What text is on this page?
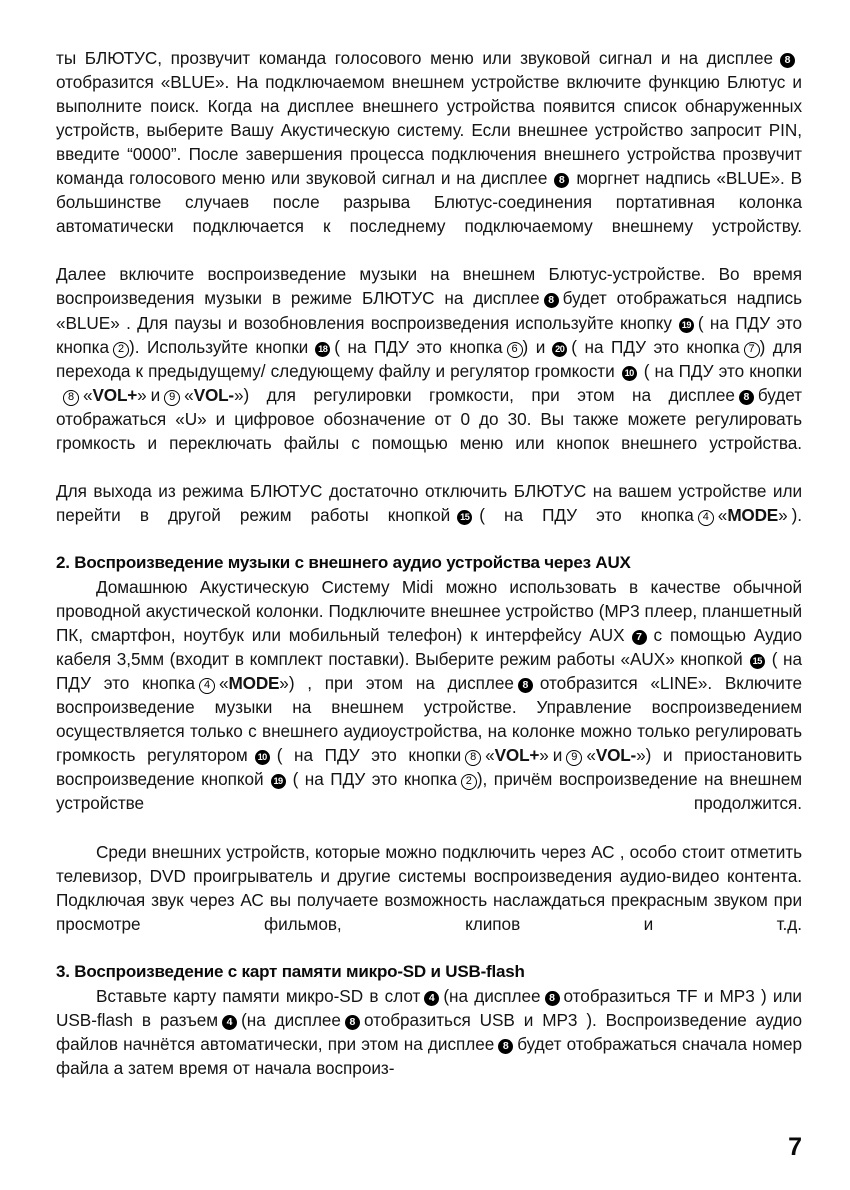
ты БЛЮТУС, прозвучит команда голосового меню или звуковой сигнал и на дисплее 8отобразится «BLUE». На подключаемом внешнем устройстве включите функцию Блютус и выполните поиск. Когда на дисплее внешнего устройства появится список обнаруженных устройств, выберите Вашу Акустическую систему. Если внешнее устройство запросит PIN, введите “0000”. После завершения процесса подключения внешнего устройства прозвучит команда голосового меню или звуковой сигнал и на дисплее 8 моргнет надпись «BLUE». В большинстве случаев после разрыва Блютус-соединения портативная колонка автоматически подключается к последнему подключаемому внешнему устройству.

Далее включите воспроизведение музыки на внешнем Блютус-устройстве. Во время воспроизведения музыки в режиме БЛЮТУС на дисплее 8 будет отображаться надпись «BLUE» . Для паузы и возобновления воспроизведения используйте кнопку 19 ( на ПДУ это кнопка 2 ). Используйте кнопки 18 ( на ПДУ это кнопка 6 ) и 20 ( на ПДУ это кнопка 7 ) для перехода к предыдущему/ следующему файлу и регулятор громкости 10 ( на ПДУ это кнопки8 «VOL+» и 9 «VOL-») для регулировки громкости, при этом на дисплее 8 будет отображаться «U» и цифровое обозначение от 0 до 30. Вы также можете регулировать громкость и переключать файлы с помощью меню или кнопок внешнего устройства.

Для выхода из режима БЛЮТУС достаточно отключить БЛЮТУС на вашем устройстве или перейти в другой режим работы кнопкой 15 ( на ПДУ это кнопка 4 «MODE» ).

2. Воспроизведение музыки с внешнего аудио устройства через AUX

Домашнюю Акустическую Систему Midi можно использовать в качестве обычной проводной акустической колонки. Подключите внешнее устройство (MP3 плеер, планшетный ПК, смартфон, ноутбук или мобильный телефон) к интерфейсу AUX 7 с помощью Аудио кабеля 3,5мм (входит в комплект поставки). Выберите режим работы «AUX» кнопкой 15 ( на ПДУ это кнопка 4 «MODE») , при этом на дисплее 8 отобразится «LINE». Включите воспроизведение музыки на внешнем устройстве. Управление воспроизведением осуществляется только с внешнего аудиоустройства, на колонке можно только регулировать громкость регулятором 10 ( на ПДУ это кнопки 8 «VOL+» и 9 «VOL-») и приостановить воспроизведение кнопкой 19 ( на ПДУ это кнопка 2 ), причём воспроизведение на внешнем устройстве продолжится.

Среди внешних устройств, которые можно подключить через АС , особо стоит отметить телевизор, DVD проигрыватель и другие системы воспроизведения аудио-видео контента. Подключая звук через АС вы получаете возможность наслаждаться прекрасным звуком при просмотре фильмов, клипов и т.д.

3. Воспроизведение с карт памяти микро-SD и USB-flash

Вставьте карту памяти микро-SD в слот 4 (на дисплее 8 отобразиться TF и MP3 ) или USB-flash в разъем 4 (на дисплее 8 отобразиться USB и MP3 ). Воспроизведение аудио файлов начнётся автоматически, при этом на дисплее 8 будет отображаться сначала номер файла а затем время от начала воспроиз-

7
